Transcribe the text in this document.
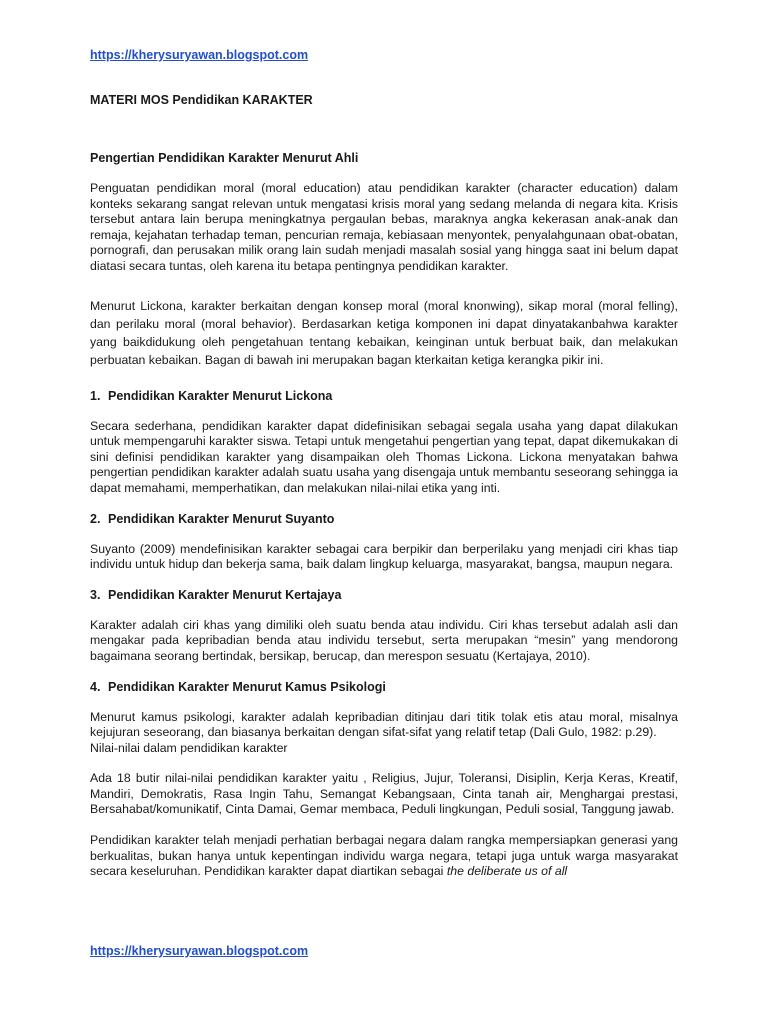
https://kherysuryawan.blogspot.com
MATERI MOS Pendidikan KARAKTER
Pengertian Pendidikan Karakter Menurut Ahli

Penguatan pendidikan moral (moral education) atau pendidikan karakter (character education) dalam konteks sekarang sangat relevan untuk mengatasi krisis moral yang sedang melanda di negara kita. Krisis tersebut antara lain berupa meningkatnya pergaulan bebas, maraknya angka kekerasan anak-anak dan remaja, kejahatan terhadap teman, pencurian remaja, kebiasaan menyontek, penyalahgunaan obat-obatan, pornografi, dan perusakan milik orang lain sudah menjadi masalah sosial yang hingga saat ini belum dapat diatasi secara tuntas, oleh karena itu betapa pentingnya pendidikan karakter.

Menurut Lickona, karakter berkaitan dengan konsep moral (moral knonwing), sikap moral (moral felling), dan perilaku moral (moral behavior). Berdasarkan ketiga komponen ini dapat dinyatakanbahwa karakter yang baikdidukung oleh pengetahuan tentang kebaikan, keinginan untuk berbuat baik, dan melakukan perbuatan kebaikan. Bagan di bawah ini merupakan bagan kterkaitan ketiga kerangka pikir ini.

1. Pendidikan Karakter Menurut Lickona

Secara sederhana, pendidikan karakter dapat didefinisikan sebagai segala usaha yang dapat dilakukan untuk mempengaruhi karakter siswa. Tetapi untuk mengetahui pengertian yang tepat, dapat dikemukakan di sini definisi pendidikan karakter yang disampaikan oleh Thomas Lickona. Lickona menyatakan bahwa pengertian pendidikan karakter adalah suatu usaha yang disengaja untuk membantu seseorang sehingga ia dapat memahami, memperhatikan, dan melakukan nilai-nilai etika yang inti.

2. Pendidikan Karakter Menurut Suyanto

Suyanto (2009) mendefinisikan karakter sebagai cara berpikir dan berperilaku yang menjadi ciri khas tiap individu untuk hidup dan bekerja sama, baik dalam lingkup keluarga, masyarakat, bangsa, maupun negara.

3. Pendidikan Karakter Menurut Kertajaya

Karakter adalah ciri khas yang dimiliki oleh suatu benda atau individu. Ciri khas tersebut adalah asli dan mengakar pada kepribadian benda atau individu tersebut, serta merupakan “mesin” yang mendorong bagaimana seorang bertindak, bersikap, berucap, dan merespon sesuatu (Kertajaya, 2010).

4. Pendidikan Karakter Menurut Kamus Psikologi

Menurut kamus psikologi, karakter adalah kepribadian ditinjau dari titik tolak etis atau moral, misalnya kejujuran seseorang, dan biasanya berkaitan dengan sifat-sifat yang relatif tetap (Dali Gulo, 1982: p.29).
Nilai-nilai dalam pendidikan karakter

Ada 18 butir nilai-nilai pendidikan karakter yaitu , Religius, Jujur, Toleransi, Disiplin, Kerja Keras, Kreatif, Mandiri, Demokratis, Rasa Ingin Tahu, Semangat Kebangsaan, Cinta tanah air, Menghargai prestasi, Bersahabat/komunikatif, Cinta Damai, Gemar membaca, Peduli lingkungan, Peduli sosial, Tanggung jawab.

Pendidikan karakter telah menjadi perhatian berbagai negara dalam rangka mempersiapkan generasi yang berkualitas, bukan hanya untuk kepentingan individu warga negara, tetapi juga untuk warga masyarakat secara keseluruhan. Pendidikan karakter dapat diartikan sebagai the deliberate us of all

https://kherysuryawan.blogspot.com
